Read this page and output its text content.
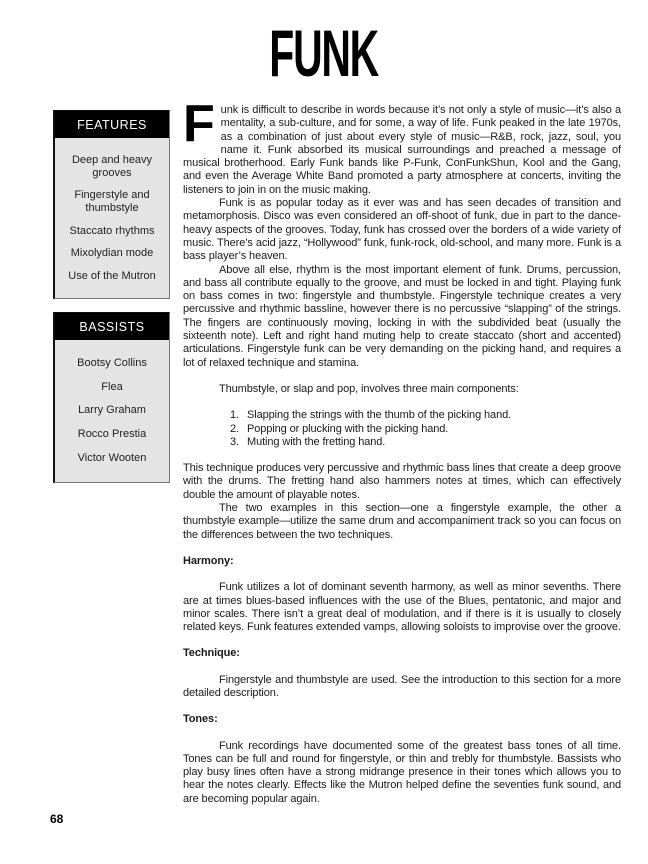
FUNK
FEATURES
Deep and heavy grooves
Fingerstyle and thumbstyle
Staccato rhythms
Mixolydian mode
Use of the Mutron
BASSISTS
Bootsy Collins
Flea
Larry Graham
Rocco Prestia
Victor Wooten

Funk is difficult to describe in words because it’s not only a style of music—it’s also a mentality, a sub-culture, and for some, a way of life. Funk peaked in the late 1970s, as a combination of just about every style of music—R&B, rock, jazz, soul, you name it. Funk absorbed its musical surroundings and preached a message of musical brotherhood. Early Funk bands like P-Funk, ConFunkShun, Kool and the Gang, and even the Average White Band promoted a party atmosphere at concerts, inviting the listeners to join in on the music making.

Funk is as popular today as it ever was and has seen decades of transition and metamorphosis. Disco was even considered an off-shoot of funk, due in part to the dance-heavy aspects of the grooves. Today, funk has crossed over the borders of a wide variety of music. There’s acid jazz, “Hollywood” funk, funk-rock, old-school, and many more. Funk is a bass player’s heaven.

Above all else, rhythm is the most important element of funk. Drums, percussion, and bass all contribute equally to the groove, and must be locked in and tight. Playing funk on bass comes in two: fingerstyle and thumbstyle. Fingerstyle technique creates a very percussive and rhythmic bassline, however there is no percussive “slapping” of the strings. The fingers are continuously moving, locking in with the subdivided beat (usually the sixteenth note). Left and right hand muting help to create staccato (short and accented) articulations. Fingerstyle funk can be very demanding on the picking hand, and requires a lot of relaxed technique and stamina.

Thumbstyle, or slap and pop, involves three main components:

1. Slapping the strings with the thumb of the picking hand.
2. Popping or plucking with the picking hand.
3. Muting with the fretting hand.

This technique produces very percussive and rhythmic bass lines that create a deep groove with the drums. The fretting hand also hammers notes at times, which can effectively double the amount of playable notes.

The two examples in this section—one a fingerstyle example, the other a thumbstyle example—utilize the same drum and accompaniment track so you can focus on the differences between the two techniques.

Harmony:

Funk utilizes a lot of dominant seventh harmony, as well as minor sevenths. There are at times blues-based influences with the use of the Blues, pentatonic, and major and minor scales. There isn’t a great deal of modulation, and if there is it is usually to closely related keys. Funk features extended vamps, allowing soloists to improvise over the groove.

Technique:

Fingerstyle and thumbstyle are used. See the introduction to this section for a more detailed description.

Tones:

Funk recordings have documented some of the greatest bass tones of all time. Tones can be full and round for fingerstyle, or thin and trebly for thumbstyle. Bassists who play busy lines often have a strong midrange presence in their tones which allows you to hear the notes clearly. Effects like the Mutron helped define the seventies funk sound, and are becoming popular again.

68
